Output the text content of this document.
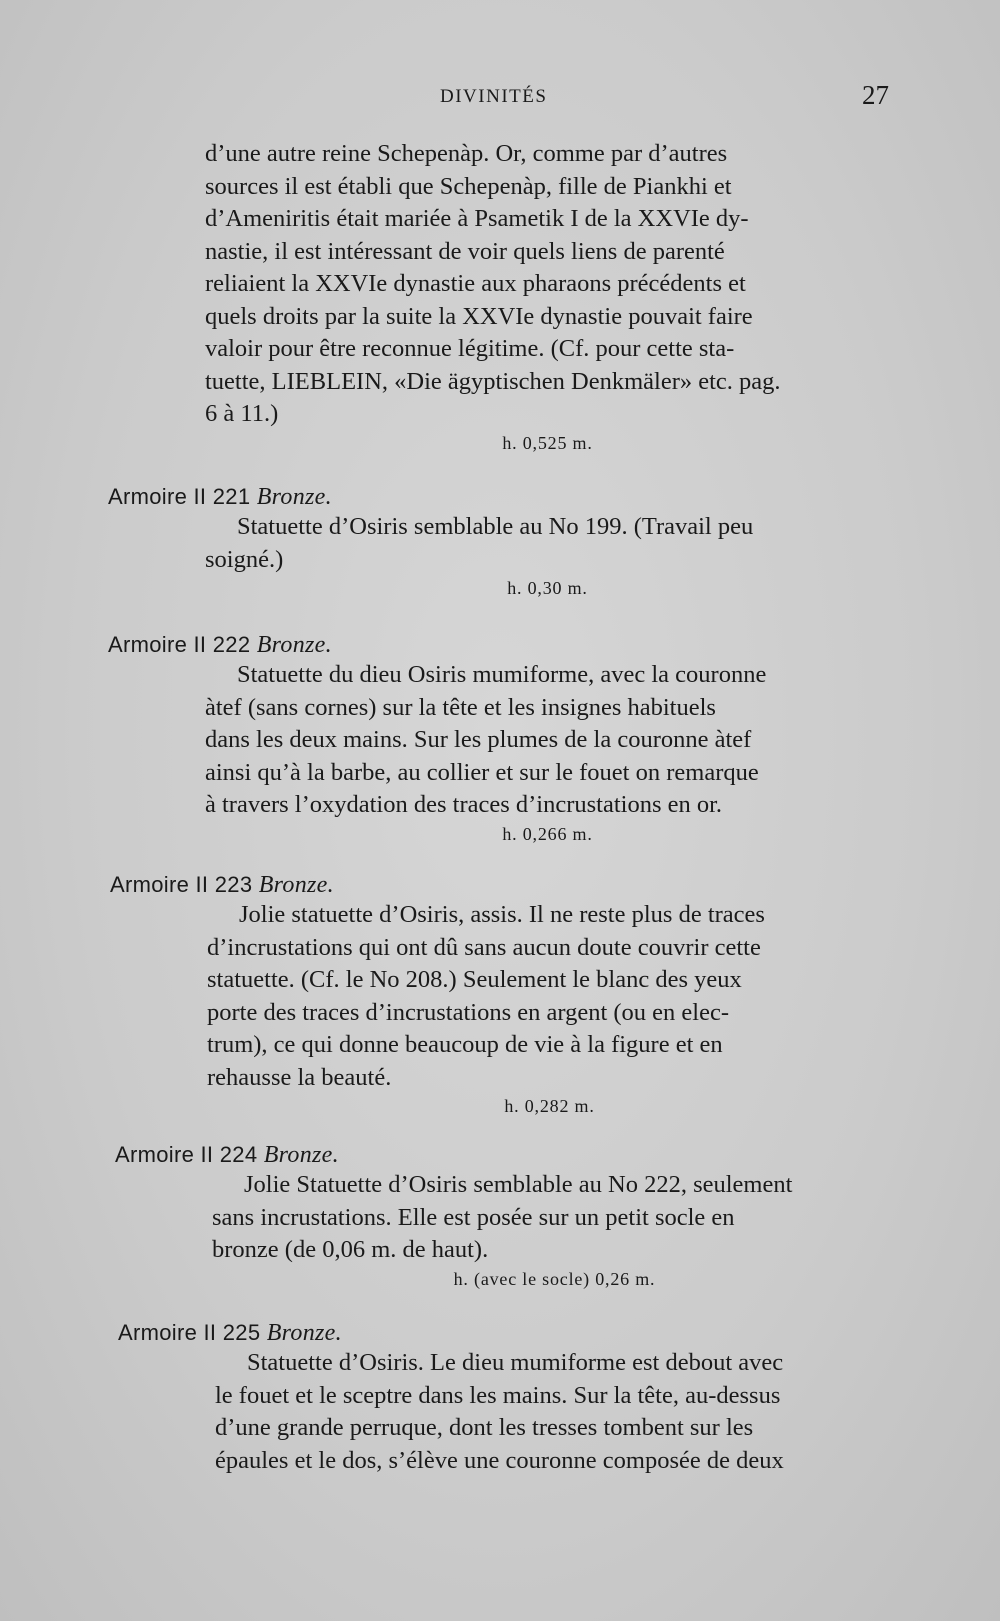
DIVINITÉS	27

d’une autre reine Schepenàp. Or, comme par d’autres
sources il est établi que Schepenàp, fille de Piankhi et
d’Ameniritis était mariée à Psametik I de la XXVIe dy-
nastie, il est intéressant de voir quels liens de parenté
reliaient la XXVIe dynastie aux pharaons précédents et
quels droits par la suite la XXVIe dynastie pouvait faire
valoir pour être reconnue légitime. (Cf. pour cette sta-
tuette, LIEBLEIN, «Die ägyptischen Denkmäler» etc. pag.
6 à 11.)

h. 0,525 m.
Armoire II 221 Bronze.

Statuette d’Osiris semblable au No 199. (Travail peu
soigné.)

h. 0,30 m.
Armoire II 222 Bronze.

Statuette du dieu Osiris mumiforme, avec la couronne
àtef (sans cornes) sur la tête et les insignes habituels
dans les deux mains. Sur les plumes de la couronne àtef
ainsi qu’à la barbe, au collier et sur le fouet on remarque
à travers l’oxydation des traces d’incrustations en or.

h. 0,266 m.
Armoire II 223 Bronze.

Jolie statuette d’Osiris, assis. Il ne reste plus de traces
d’incrustations qui ont dû sans aucun doute couvrir cette
statuette. (Cf. le No 208.) Seulement le blanc des yeux
porte des traces d’incrustations en argent (ou en elec-
trum), ce qui donne beaucoup de vie à la figure et en
rehausse la beauté.

h. 0,282 m.
Armoire II 224 Bronze.

Jolie Statuette d’Osiris semblable au No 222, seulement
sans incrustations. Elle est posée sur un petit socle en
bronze (de 0,06 m. de haut).

h. (avec le socle) 0,26 m.
Armoire II 225 Bronze.

Statuette d’Osiris. Le dieu mumiforme est debout avec
le fouet et le sceptre dans les mains. Sur la tête, au-dessus
d’une grande perruque, dont les tresses tombent sur les
épaules et le dos, s’élève une couronne composée de deux
